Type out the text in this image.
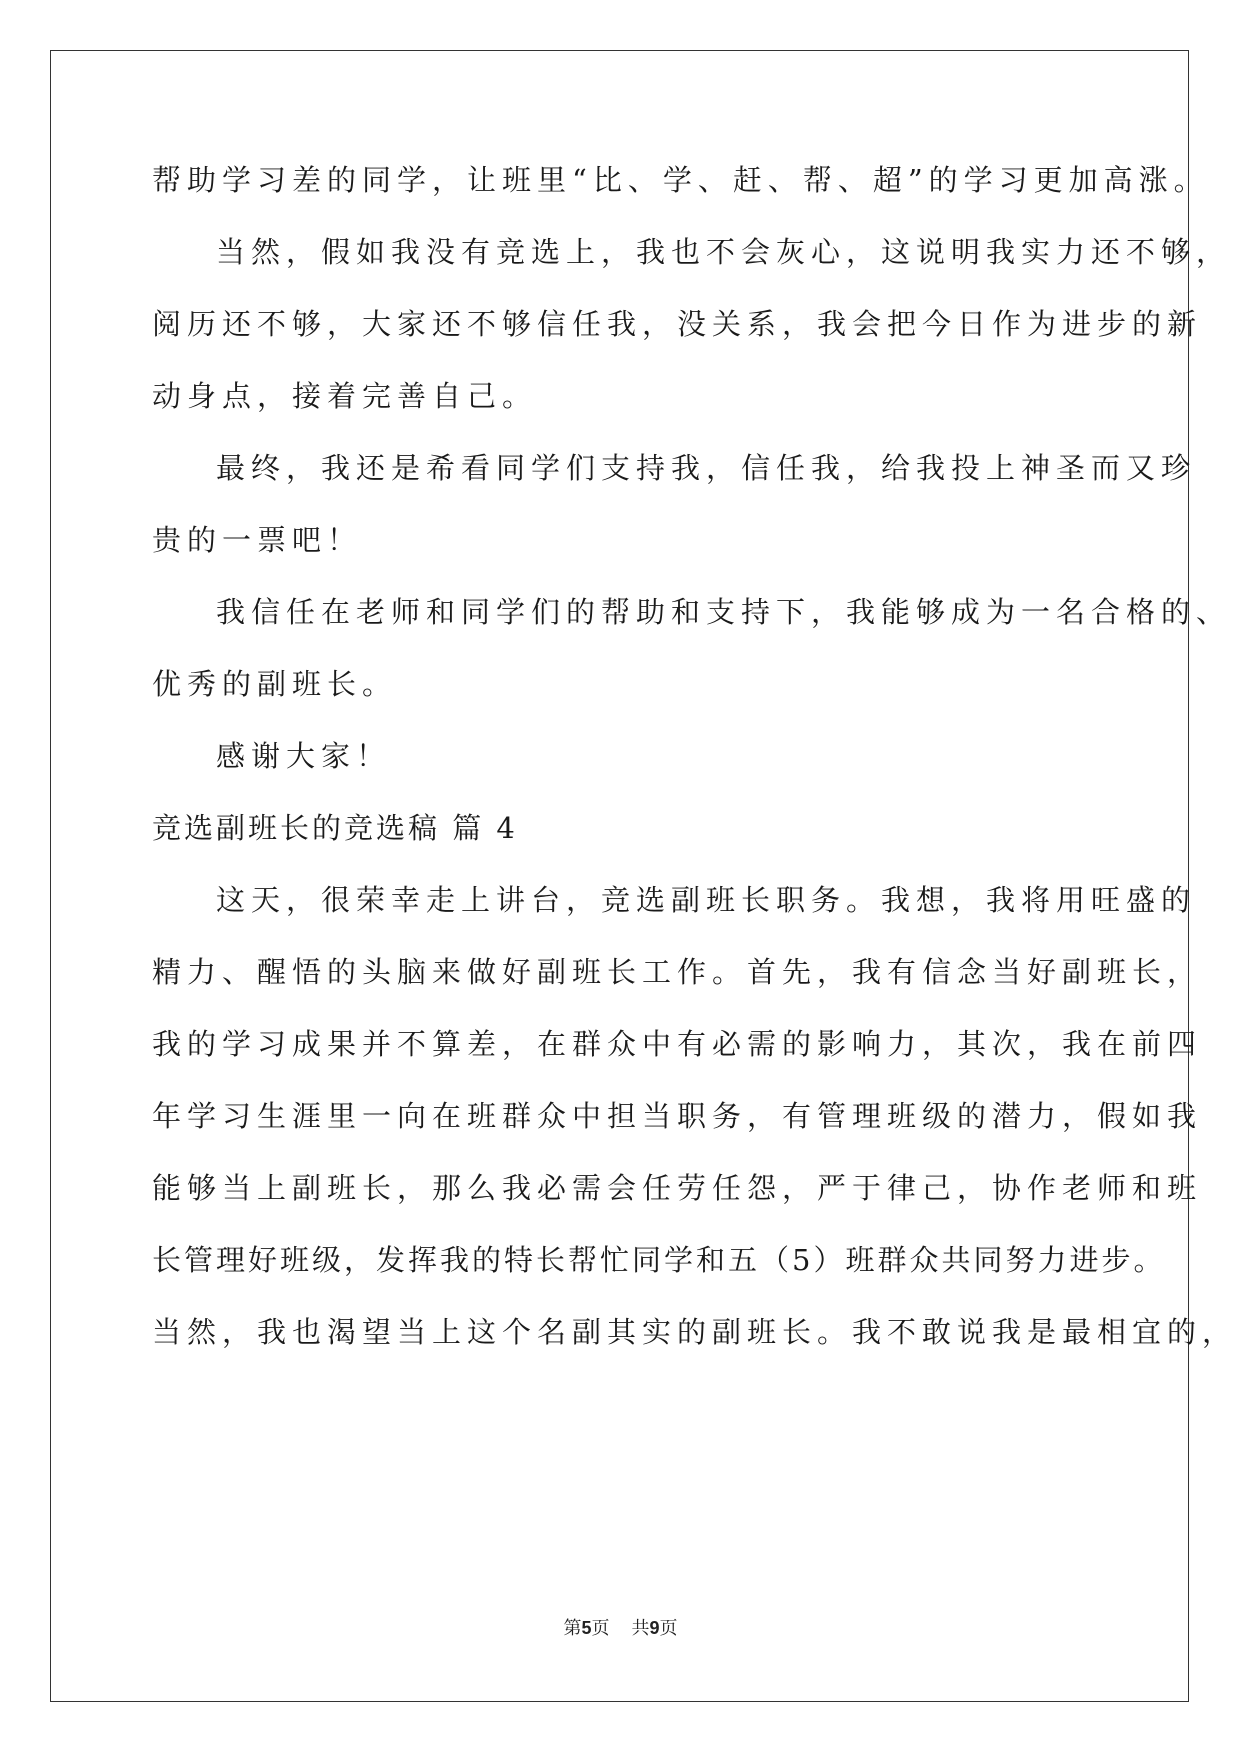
帮助学习差的同学，让班里“比、学、赶、帮、超”的学习更加高涨。
当然，假如我没有竞选上，我也不会灰心，这说明我实力还不够，
阅历还不够，大家还不够信任我，没关系，我会把今日作为进步的新
动身点，接着完善自己。
最终，我还是希看同学们支持我，信任我，给我投上神圣而又珍
贵的一票吧！
我信任在老师和同学们的帮助和支持下，我能够成为一名合格的、
优秀的副班长。
感谢大家！
竞选副班长的竞选稿 篇 4
这天，很荣幸走上讲台，竞选副班长职务。我想，我将用旺盛的
精力、醒悟的头脑来做好副班长工作。首先，我有信念当好副班长，
我的学习成果并不算差，在群众中有必需的影响力，其次，我在前四
年学习生涯里一向在班群众中担当职务，有管理班级的潜力，假如我
能够当上副班长，那么我必需会任劳任怨，严于律己，协作老师和班
长管理好班级，发挥我的特长帮忙同学和五（5）班群众共同努力进步。
当然，我也渴望当上这个名副其实的副班长。我不敢说我是最相宜的，
第5页 共9页
